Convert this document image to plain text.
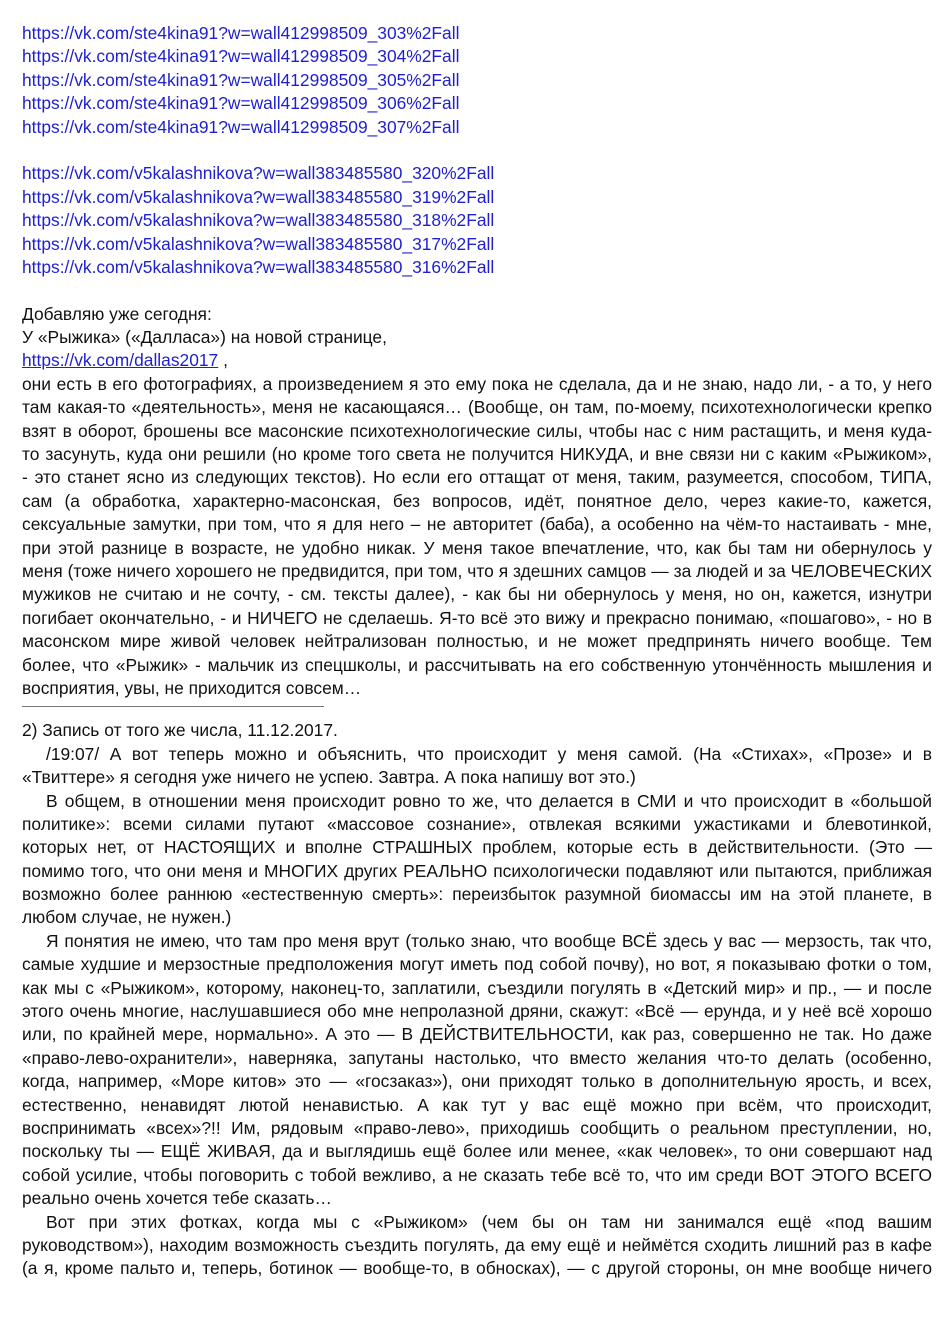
https://vk.com/ste4kina91?w=wall412998509_303%2Fall
https://vk.com/ste4kina91?w=wall412998509_304%2Fall
https://vk.com/ste4kina91?w=wall412998509_305%2Fall
https://vk.com/ste4kina91?w=wall412998509_306%2Fall
https://vk.com/ste4kina91?w=wall412998509_307%2Fall
https://vk.com/v5kalashnikova?w=wall383485580_320%2Fall
https://vk.com/v5kalashnikova?w=wall383485580_319%2Fall
https://vk.com/v5kalashnikova?w=wall383485580_318%2Fall
https://vk.com/v5kalashnikova?w=wall383485580_317%2Fall
https://vk.com/v5kalashnikova?w=wall383485580_316%2Fall
Добавляю уже сегодня:
У «Рыжика» («Далласа») на новой странице,
https://vk.com/dallas2017 ,
они есть в его фотографиях, а произведением я это ему пока не сделала, да и не знаю, надо ли, - а то, у него
там какая-то «деятельность», меня не касающаяся… (Вообще, он там, по-моему, психотехнологически крепко
взят в оборот, брошены все масонские психотехнологические силы, чтобы нас с ним растащить, и меня куда-
то засунуть, куда они решили (но кроме того света не получится НИКУДА, и вне связи ни с каким «Рыжиком»,
- это станет ясно из следующих текстов). Но если его оттащат от меня, таким, разумеется, способом, ТИПА,
сам (а обработка, характерно-масонская, без вопросов, идёт, понятное дело, через какие-то, кажется,
сексуальные замутки, при том, что я для него – не авторитет (баба), а особенно на чём-то настаивать - мне,
при этой разнице в возрасте, не удобно никак. У меня такое впечатление, что, как бы там ни обернулось у
меня (тоже ничего хорошего не предвидится, при том, что я здешних самцов — за людей и за ЧЕЛОВЕЧЕСКИХ
мужиков не считаю и не сочту, - см. тексты далее), - как бы ни обернулось у меня, но он, кажется, изнутри
погибает окончательно, - и НИЧЕГО не сделаешь. Я-то всё это вижу и прекрасно понимаю, «пошагово», - но в
масонском мире живой человек нейтрализован полностью, и не может предпринять ничего вообще. Тем
более, что «Рыжик» - мальчик из спецшколы, и рассчитывать на его собственную утончённость мышления и
восприятия, увы, не приходится совсем…
2) Запись от того же числа, 11.12.2017.
/19:07/ А вот теперь можно и объяснить, что происходит у меня самой. (На «Стихах», «Прозе» и в
«Твиттере» я сегодня уже ничего не успею. Завтра. А пока напишу вот это.)
В общем, в отношении меня происходит ровно то же, что делается в СМИ и что происходит в «большой
политике»: всеми силами путают «массовое сознание», отвлекая всякими ужастиками и блевотинкой,
которых нет, от НАСТОЯЩИХ и вполне СТРАШНЫХ проблем, которые есть в действительности. (Это —
помимо того, что они меня и МНОГИХ других РЕАЛЬНО психологически подавляют или пытаются, приближая
возможно более раннюю «естественную смерть»: переизбыток разумной биомассы им на этой планете, в
любом случае, не нужен.)
Я понятия не имею, что там про меня врут (только знаю, что вообще ВСЁ здесь у вас — мерзость, так что,
самые худшие и мерзостные предположения могут иметь под собой почву), но вот, я показываю фотки о том,
как мы с «Рыжиком», которому, наконец-то, заплатили, съездили погулять в «Детский мир» и пр., — и после
этого очень многие, наслушавшиеся обо мне непролазной дряни, скажут: «Всё — ерунда, и у неё всё хорошо
или, по крайней мере, нормально». А это — В ДЕЙСТВИТЕЛЬНОСТИ, как раз, совершенно не так. Но даже
«право-лево-охранители», наверняка, запутаны настолько, что вместо желания что-то делать (особенно,
когда, например, «Море китов» это — «госзаказ»), они приходят только в дополнительную ярость, и всех,
естественно, ненавидят лютой ненавистью. А как тут у вас ещё можно при всём, что происходит,
воспринимать «всех»?!! Им, рядовым «право-лево», приходишь сообщить о реальном преступлении, но,
поскольку ты — ЕЩЁ ЖИВАЯ, да и выглядишь ещё более или менее, «как человек», то они совершают над
собой усилие, чтобы поговорить с тобой вежливо, а не сказать тебе всё то, что им среди ВОТ ЭТОГО ВСЕГО
реально очень хочется тебе сказать…
Вот при этих фотках, когда мы с «Рыжиком» (чем бы он там ни занимался ещё «под вашим
руководством»), находим возможность съездить погулять, да ему ещё и неймётся сходить лишний раз в кафе
(а я, кроме пальто и, теперь, ботинок — вообще-то, в обносках), — с другой стороны, он мне вообще ничего
